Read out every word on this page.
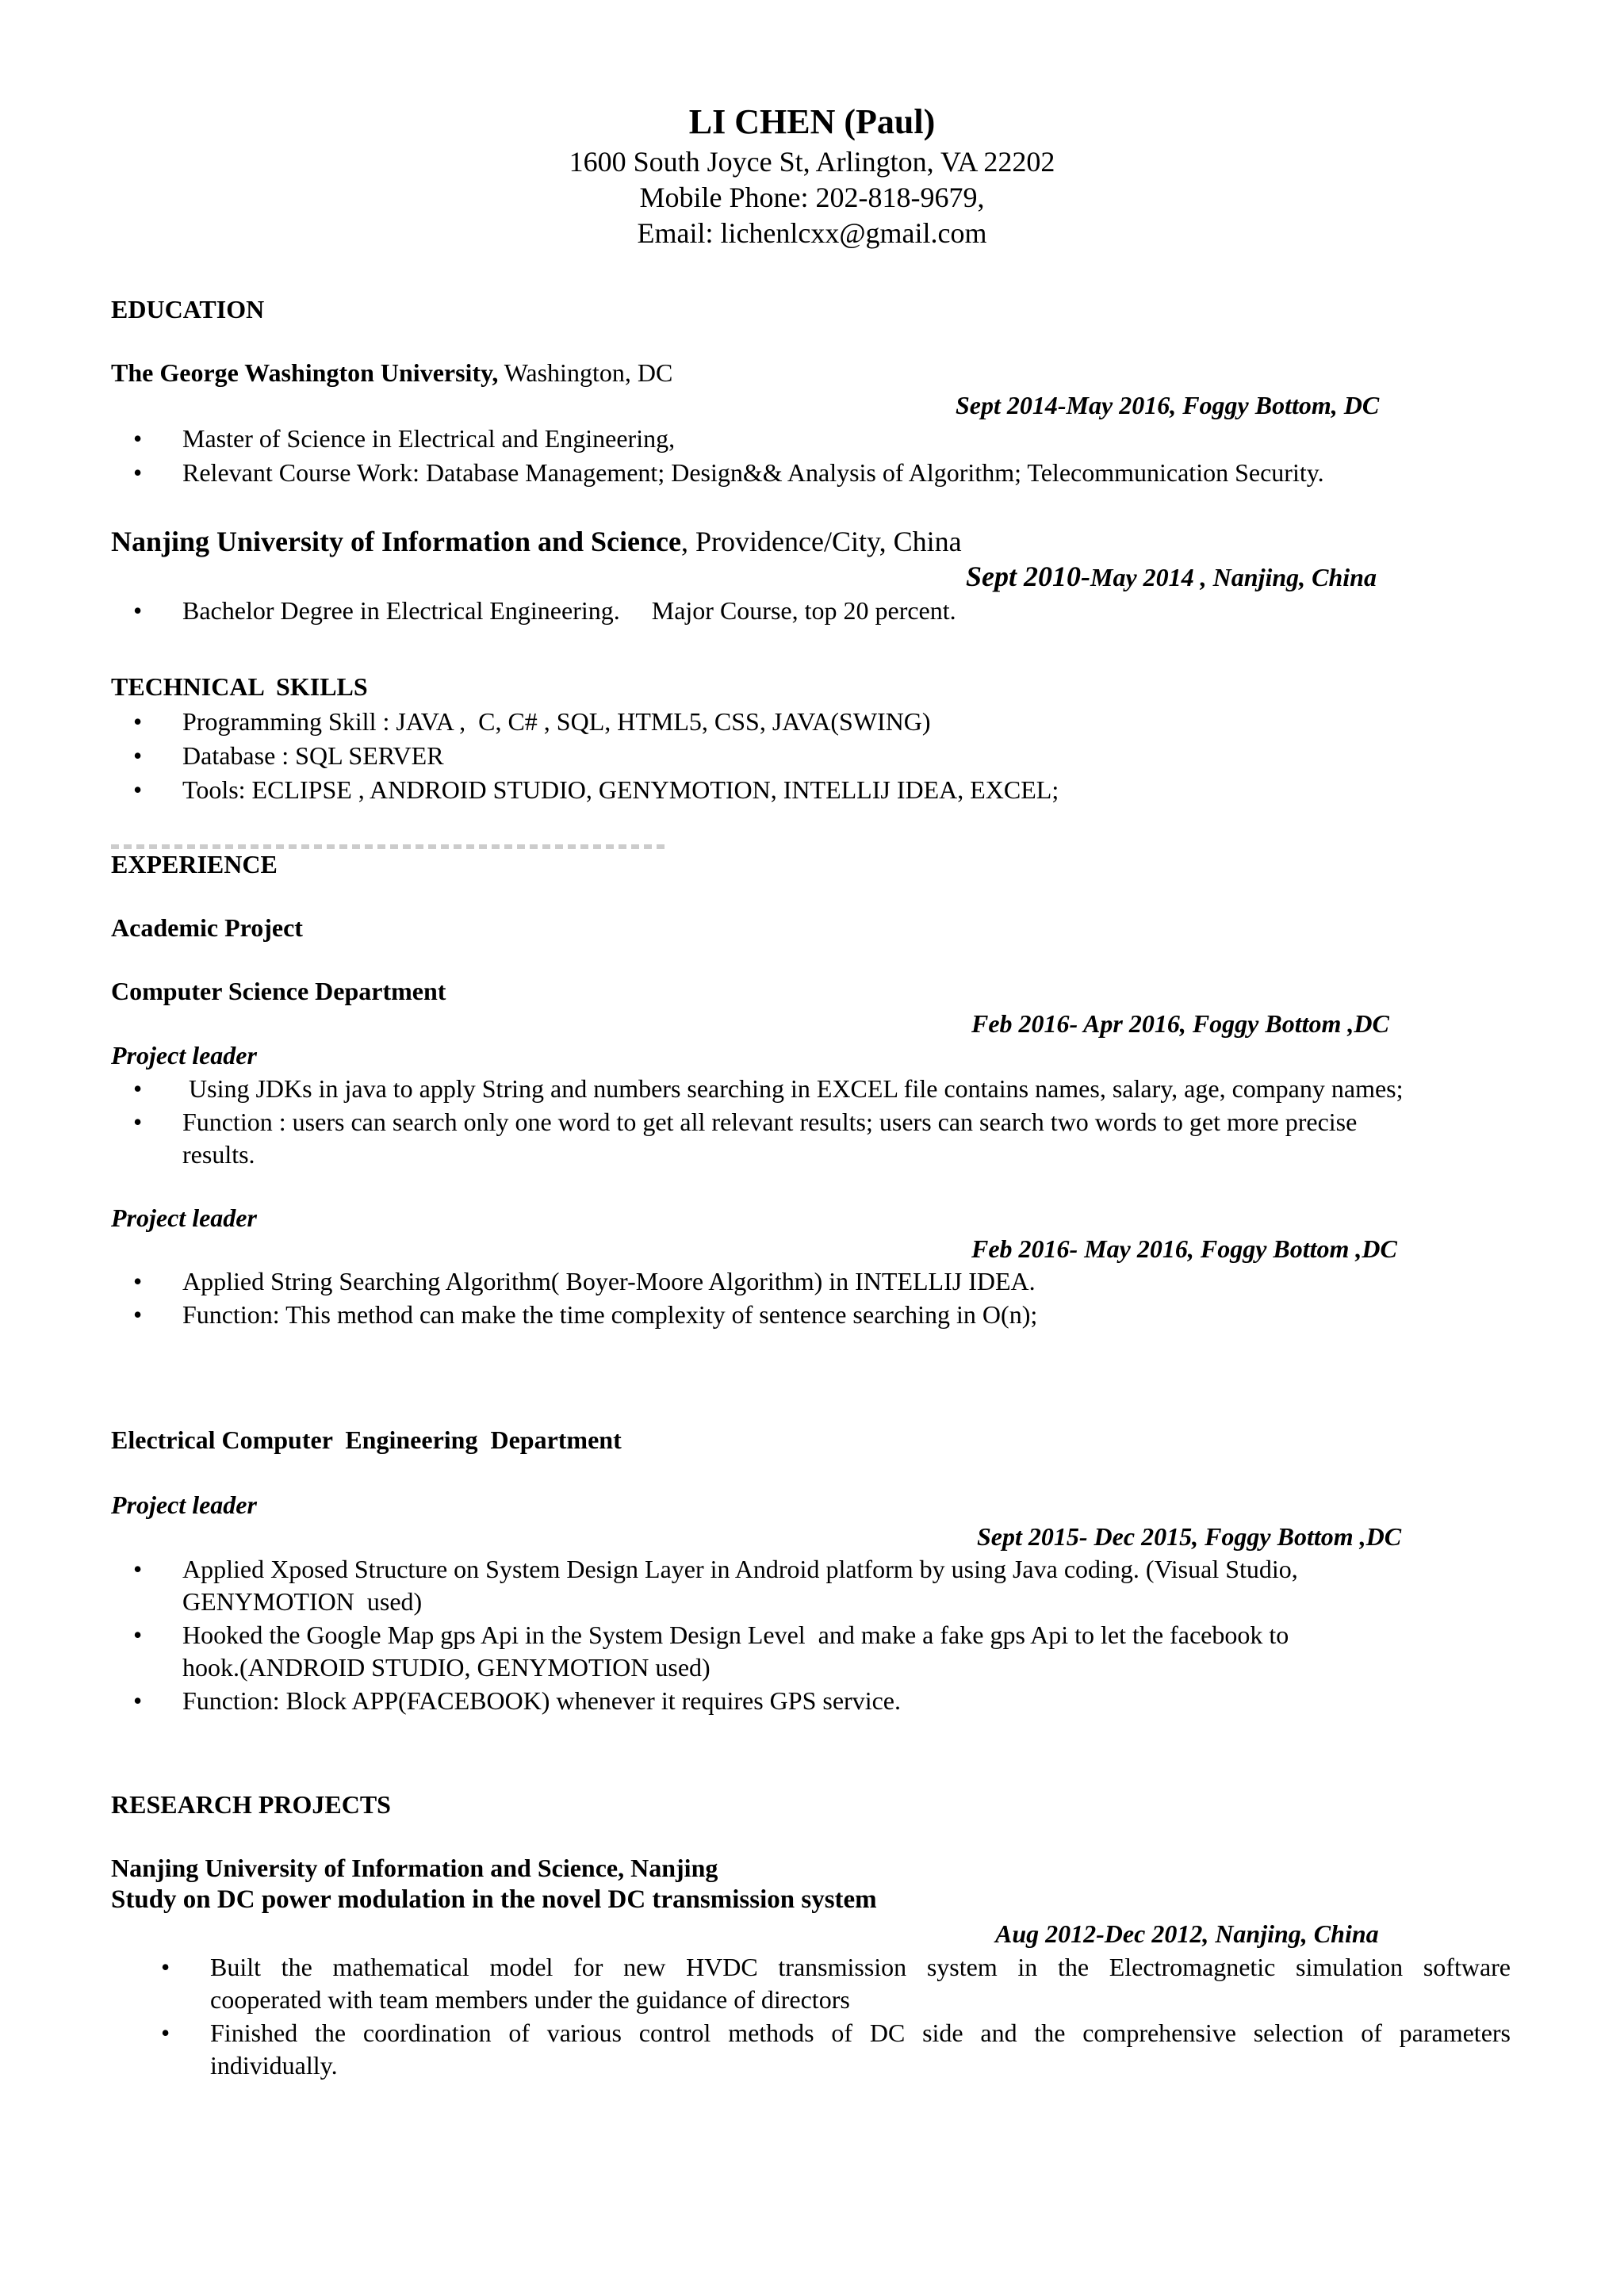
LI CHEN (Paul)
1600 South Joyce St, Arlington, VA 22202
Mobile Phone: 202-818-9679,
Email: lichenlcxx@gmail.com
EDUCATION
The George Washington University, Washington, DC
Sept 2014-May 2016, Foggy Bottom, DC
• Master of Science in Electrical and Engineering,
• Relevant Course Work: Database Management; Design&& Analysis of Algorithm; Telecommunication Security.
Nanjing University of Information and Science, Providence/City, China
Sept 2010-May 2014 , Nanjing, China
• Bachelor Degree in Electrical Engineering.     Major Course, top 20 percent.
TECHNICAL  SKILLS
• Programming Skill : JAVA ,  C, C# , SQL, HTML5, CSS, JAVA(SWING)
• Database : SQL SERVER
• Tools: ECLIPSE , ANDROID STUDIO, GENYMOTION, INTELLIJ IDEA, EXCEL;
EXPERIENCE
Academic Project
Computer Science Department
Feb 2016- Apr 2016, Foggy Bottom ,DC
Project leader
• Using JDKs in java to apply String and numbers searching in EXCEL file contains names, salary, age, company names;
• Function : users can search only one word to get all relevant results; users can search two words to get more precise
results.
Project leader
Feb 2016- May 2016, Foggy Bottom ,DC
• Applied String Searching Algorithm( Boyer-Moore Algorithm) in INTELLIJ IDEA.
• Function: This method can make the time complexity of sentence searching in O(n);
Electrical Computer  Engineering  Department
Project leader
Sept 2015- Dec 2015, Foggy Bottom ,DC
• Applied Xposed Structure on System Design Layer in Android platform by using Java coding. (Visual Studio,
GENYMOTION  used)
• Hooked the Google Map gps Api in the System Design Level  and make a fake gps Api to let the facebook to
hook.(ANDROID STUDIO, GENYMOTION used)
• Function: Block APP(FACEBOOK) whenever it requires GPS service.
RESEARCH PROJECTS
Nanjing University of Information and Science, Nanjing
Study on DC power modulation in the novel DC transmission system
Aug 2012-Dec 2012, Nanjing, China
• Built the mathematical model for new HVDC transmission system in the Electromagnetic simulation software
cooperated with team members under the guidance of directors
• Finished the coordination of various control methods of DC side and the comprehensive selection of parameters
individually.
